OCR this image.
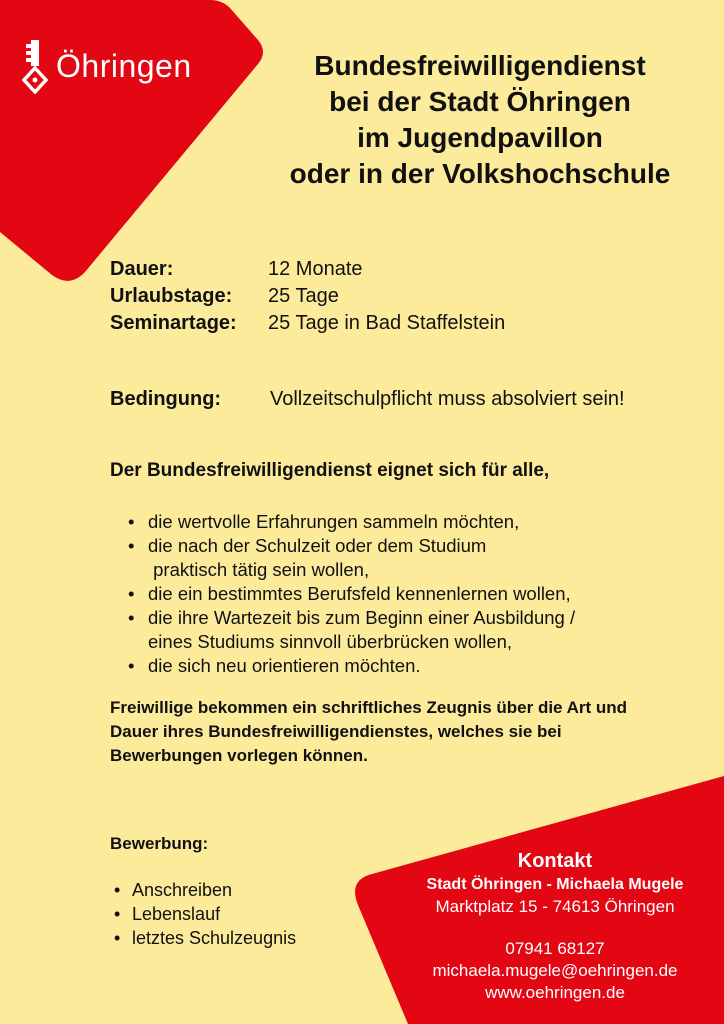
Öhringen	Bundesfreiwilligendienst
bei der Stadt Öhringen
im Jugendpavillon
oder in der Volkshochschule
Dauer:	12 Monate
Urlaubstage:	25 Tage
Seminartage:	25 Tage in Bad Staffelstein
Bedingung:	Vollzeitschulpflicht muss absolviert sein!
Der Bundesfreiwilligendienst eignet sich für alle,
• die wertvolle Erfahrungen sammeln möchten,
• die nach der Schulzeit oder dem Studium
praktisch tätig sein wollen,
• die ein bestimmtes Berufsfeld kennenlernen wollen,
• die ihre Wartezeit bis zum Beginn einer Ausbildung /
eines Studiums sinnvoll überbrücken wollen,
• die sich neu orientieren möchten.
Freiwillige bekommen ein schriftliches Zeugnis über die Art und
Dauer ihres Bundesfreiwilligendienstes, welches sie bei
Bewerbungen vorlegen können.
Bewerbung:
• Anschreiben
• Lebenslauf
• letztes Schulzeugnis
Kontakt
Stadt Öhringen - Michaela Mugele
Marktplatz 15 - 74613 Öhringen
07941 68127
michaela.mugele@oehringen.de
www.oehringen.de
